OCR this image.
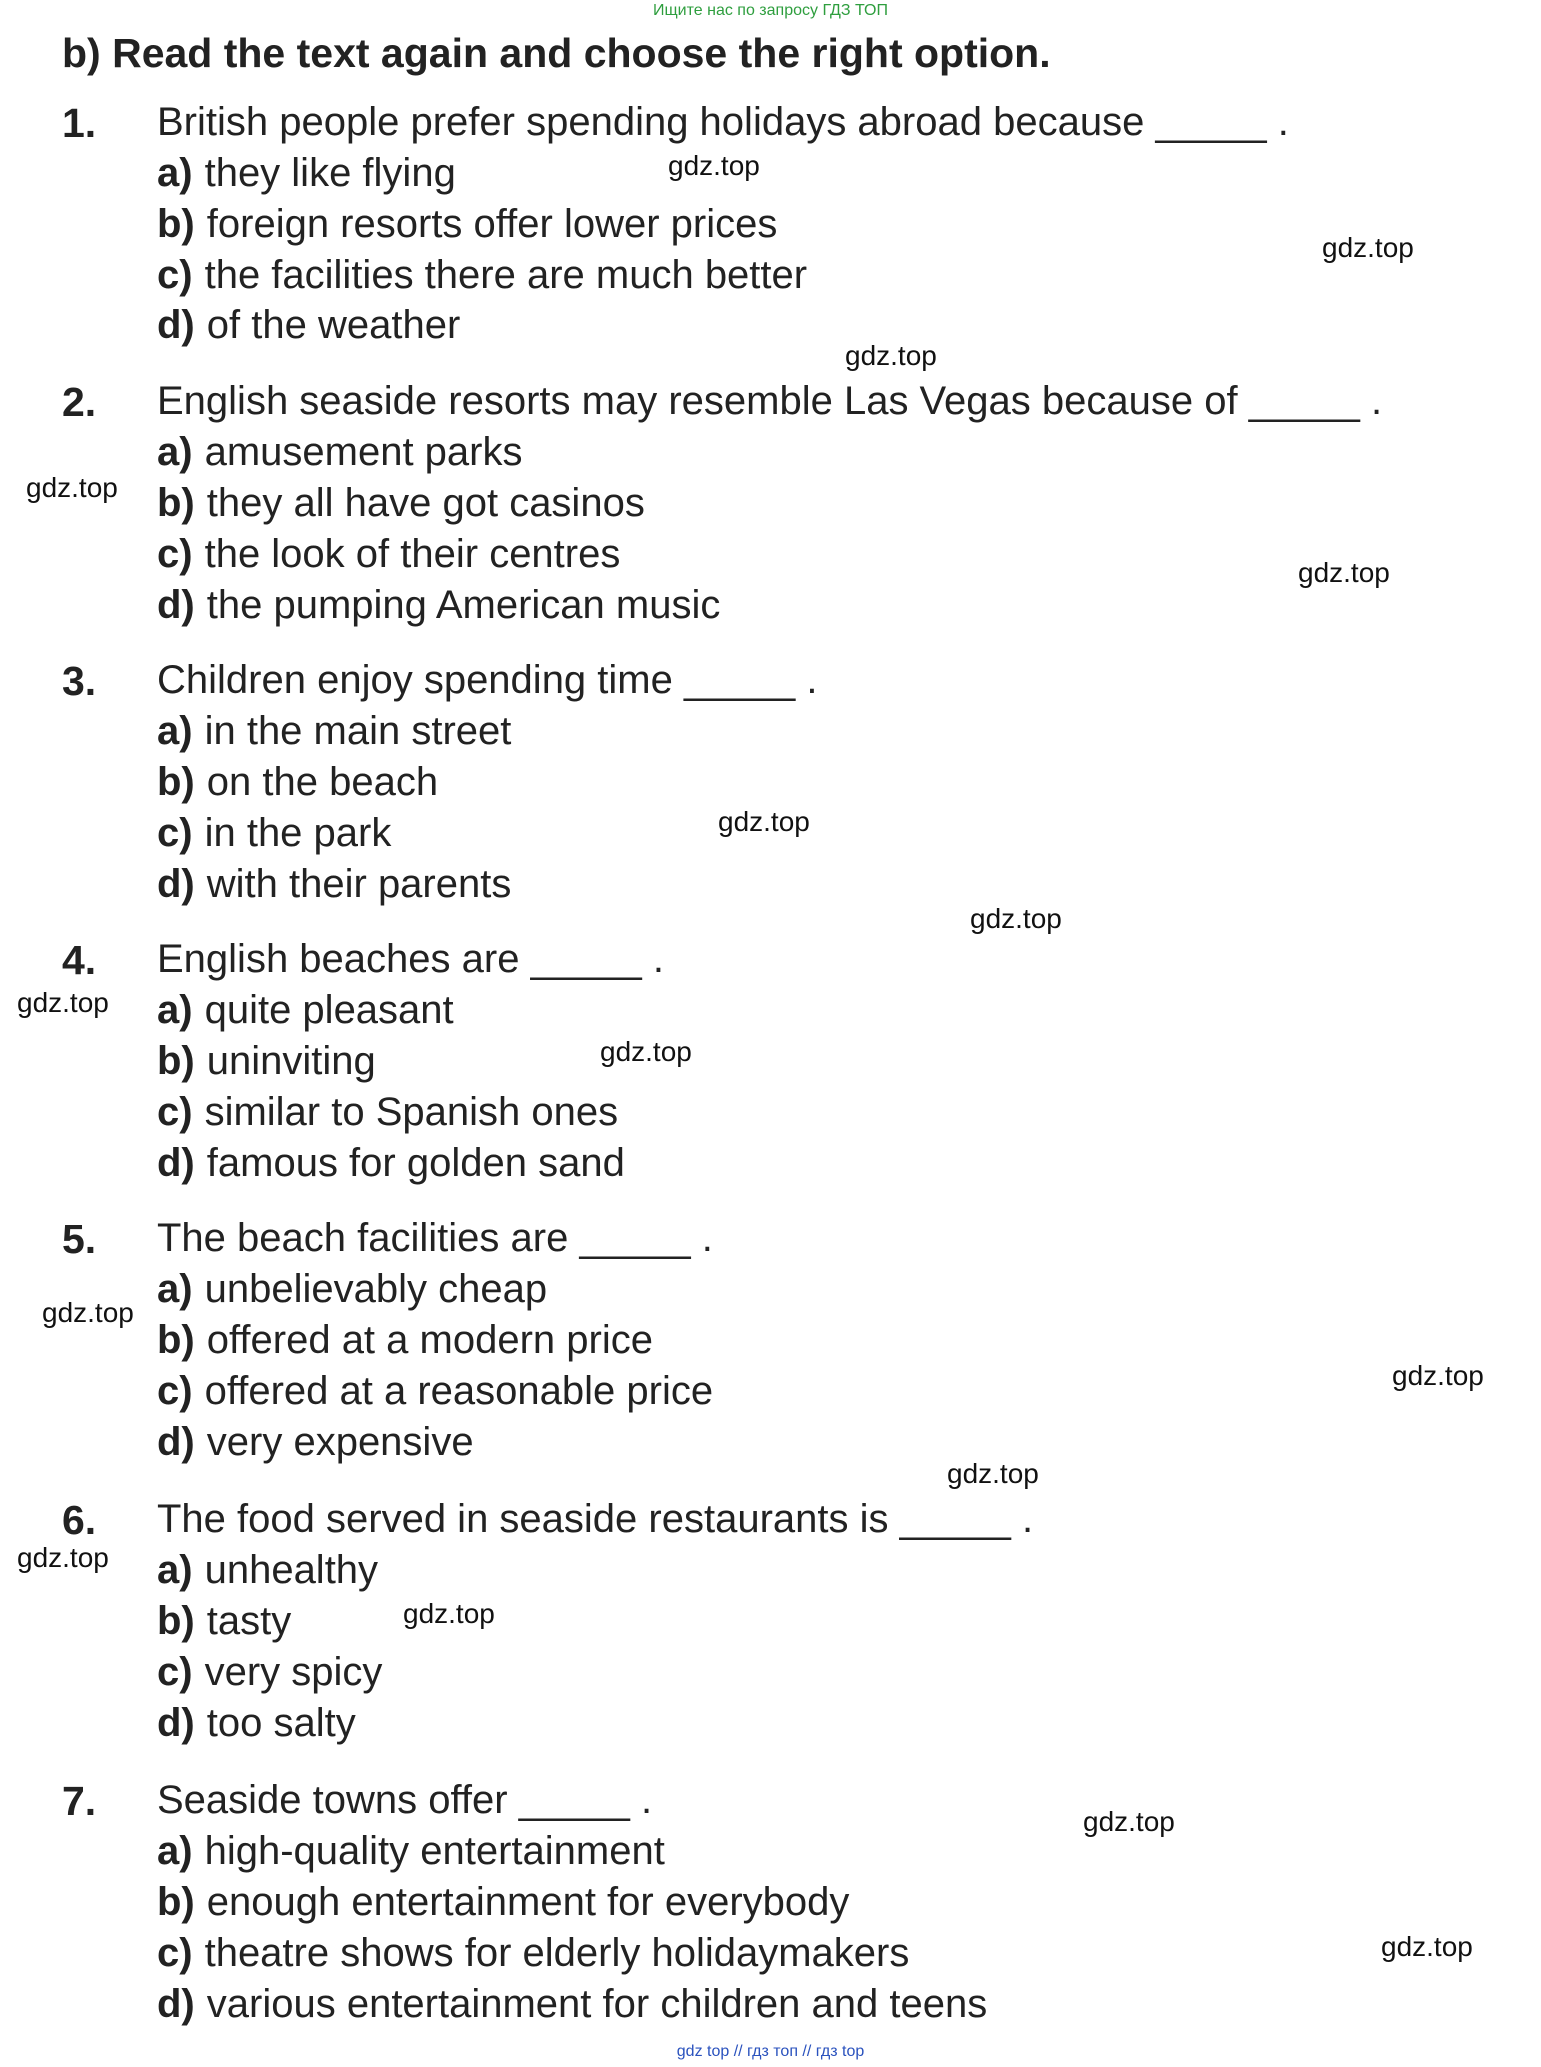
Ищите нас по запросу ГДЗ ТОП
b) Read the text again and choose the right option.
1. British people prefer spending holidays abroad because _____ .
a) they like flying
b) foreign resorts offer lower prices
c) the facilities there are much better
d) of the weather
2. English seaside resorts may resemble Las Vegas because of _____ .
a) amusement parks
b) they all have got casinos
c) the look of their centres
d) the pumping American music
3. Children enjoy spending time _____ .
a) in the main street
b) on the beach
c) in the park
d) with their parents
4. English beaches are _____ .
a) quite pleasant
b) uninviting
c) similar to Spanish ones
d) famous for golden sand
5. The beach facilities are _____ .
a) unbelievably cheap
b) offered at a modern price
c) offered at a reasonable price
d) very expensive
6. The food served in seaside restaurants is _____ .
a) unhealthy
b) tasty
c) very spicy
d) too salty
7. Seaside towns offer _____ .
a) high-quality entertainment
b) enough entertainment for everybody
c) theatre shows for elderly holidaymakers
d) various entertainment for children and teens
gdz.top
gdz.top
gdz.top
gdz.top
gdz.top
gdz.top
gdz.top
gdz.top
gdz.top
gdz.top
gdz.top
gdz.top
gdz.top
gdz.top
gdz.top
gdz.top
gdz top // гдз топ // гдз top
